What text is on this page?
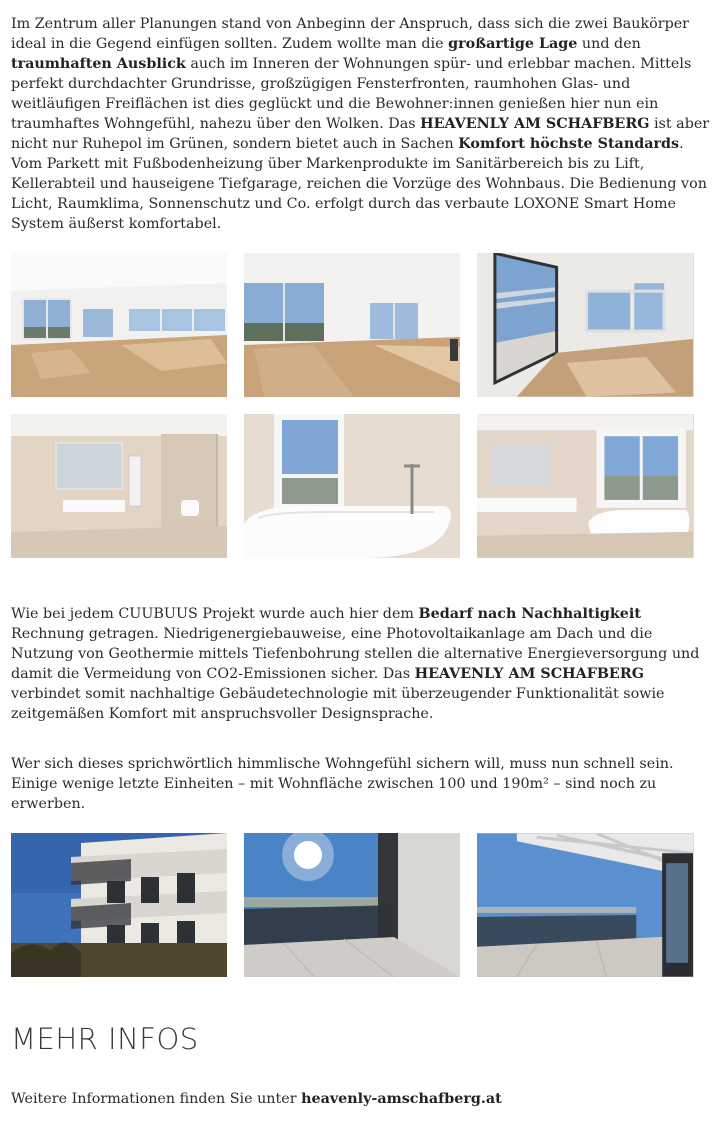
Im Zentrum aller Planungen stand von Anbeginn der Anspruch, dass sich die zwei Baukörper ideal in die Gegend einfügen sollten. Zudem wollte man die großartige Lage und den traumhaften Ausblick auch im Inneren der Wohnungen spür- und erlebbar machen. Mittels perfekt durchdachter Grundrisse, großzügigen Fensterfronten, raumhohen Glas- und weitläufigen Freiflächen ist dies geglückt und die Bewohner:innen genießen hier nun ein traumhaftes Wohngefühl, nahezu über den Wolken. Das HEAVENLY AM SCHAFBERG ist aber nicht nur Ruhepol im Grünen, sondern bietet auch in Sachen Komfort höchste Standards. Vom Parkett mit Fußbodenheizung über Markenprodukte im Sanitärbereich bis zu Lift, Kellerabteil und hauseigene Tiefgarage, reichen die Vorzüge des Wohnbaus. Die Bedienung von Licht, Raumklima, Sonnenschutz und Co. erfolgt durch das verbaute LOXONE Smart Home System äußerst komfortabel.

Wie bei jedem CUUBUUS Projekt wurde auch hier dem Bedarf nach Nachhaltigkeit Rechnung getragen. Niedrigenergiebauweise, eine Photovoltaikanlage am Dach und die Nutzung von Geothermie mittels Tiefenbohrung stellen die alternative Energieversorgung und damit die Vermeidung von CO2-Emissionen sicher. Das HEAVENLY AM SCHAFBERG verbindet somit nachhaltige Gebäudetechnologie mit überzeugender Funktionalität sowie zeitgemäßen Komfort mit anspruchsvoller Designsprache.

Wer sich dieses sprichwörtlich himmlische Wohngefühl sichern will, muss nun schnell sein. Einige wenige letzte Einheiten – mit Wohnfläche zwischen 100 und 190m² – sind noch zu erwerben.

MEHR INFOS

Weitere Informationen finden Sie unter heavenly-amschafberg.at
